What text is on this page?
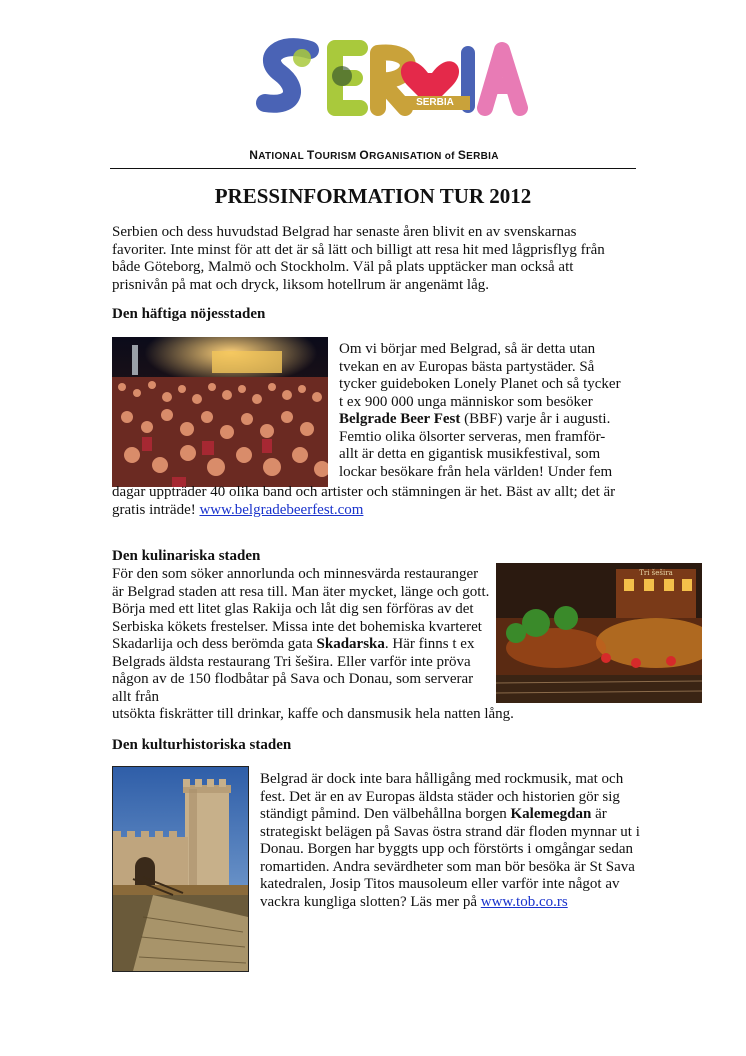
SERBIA
NATIONAL TOURISM ORGANISATION of SERBIA
PRESSINFORMATION TUR 2012
Serbien och dess huvudstad Belgrad har senaste åren blivit en av svenskarnas favoriter. Inte minst för att det är så lätt och billigt att resa hit med lågprisflyg från både Göteborg, Malmö och Stockholm. Väl på plats upptäcker man också att prisnivån på mat och dryck, liksom hotellrum är angenämt låg.
Den häftiga nöjesstaden
Om vi börjar med Belgrad, så är detta utan
tvekan en av Europas bästa partystäder. Så
tycker guideboken Lonely Planet och så tycker
t ex 900 000 unga människor som besöker
Belgrade Beer Fest (BBF) varje år i augusti.
Femtio olika ölsorter serveras, men framför-
allt är detta en gigantisk musikfestival, som
lockar besökare från hela världen! Under fem
dagar uppträder 40 olika band och artister och stämningen är het. Bäst av allt; det är gratis inträde! www.belgradebeerfest.com
Den kulinariska staden
För den som söker annorlunda och minnesvärda restauranger är Belgrad staden att resa till. Man äter mycket, länge och gott. Börja med ett litet glas Rakija och låt dig sen förföras av det Serbiska kökets frestelser. Missa inte det bohemiska kvarteret Skadarlija och dess berömda gata Skadarska. Här finns t ex Belgrads äldsta restaurang Tri šešira. Eller varför inte pröva någon av de 150 flodbåtar på Sava och Donau, som serverar allt från
utsökta fiskrätter till drinkar, kaffe och dansmusik hela natten lång.
Tri šešira
Den kulturhistoriska staden
Belgrad är dock inte bara hålligång med rockmusik, mat och fest. Det är en av Europas äldsta städer och historien gör sig ständigt påmind. Den välbehållna borgen Kalemegdan är strategiskt belägen på Savas östra strand där floden mynnar ut i Donau. Borgen har byggts upp och förstörts i omgångar sedan romartiden. Andra sevärdheter som man bör besöka är St Sava katedralen, Josip Titos mausoleum eller varför inte något av vackra kungliga slotten? Läs mer på www.tob.co.rs
